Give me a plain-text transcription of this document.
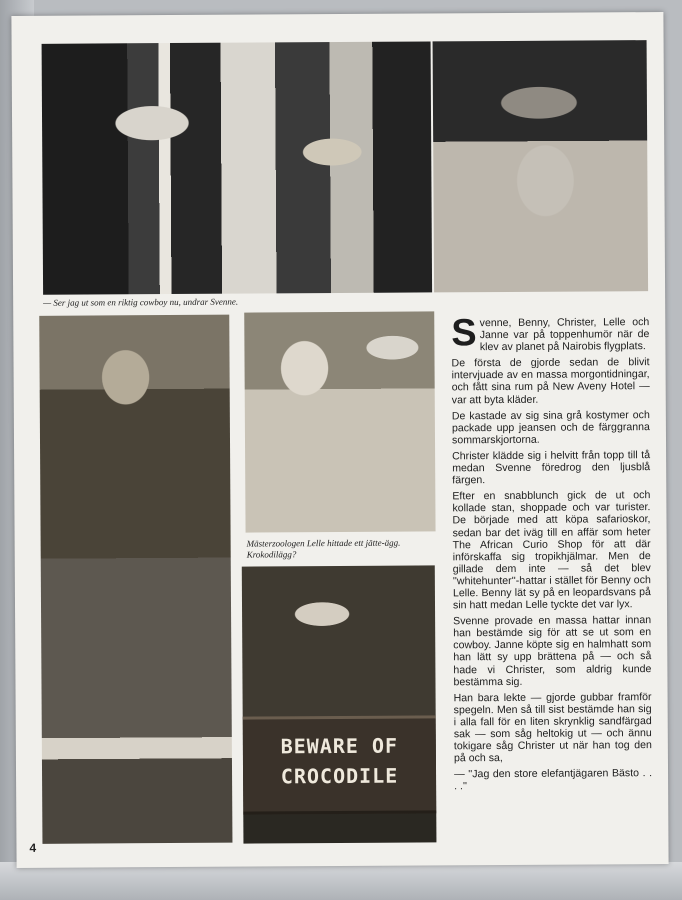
— Ser jag ut som en riktig cowboy nu, undrar Svenne.
Mästerzoologen Lelle hittade ett jätte-ägg. Krokodilägg?
BEWARE OF
CROCODILE

Svenne, Benny, Christer, Lelle och Janne var på toppenhumör när de klev av planet på Nairobis flygplats.

De första de gjorde sedan de blivit intervjuade av en massa morgontidningar, och fått sina rum på New Aveny Hotel — var att byta kläder.

De kastade av sig sina grå kostymer och packade upp jeansen och de färggranna sommarskjortorna.

Christer klädde sig i helvitt från topp till tå medan Svenne föredrog den ljusblå färgen.

Efter en snabblunch gick de ut och kollade stan, shoppade och var turister. De började med att köpa safarioskor, sedan bar det iväg till en affär som heter The African Curio Shop för att där införskaffa sig tropikhjälmar. Men de gillade dem inte — så det blev ''whitehunter''-hattar i stället för Benny och Lelle. Benny lät sy på en leopardsvans på sin hatt medan Lelle tyckte det var lyx.

Svenne provade en massa hattar innan han bestämde sig för att se ut som en cowboy. Janne köpte sig en halmhatt som han lätt sy upp brättena på — och så hade vi Christer, som aldrig kunde bestämma sig.

Han bara lekte — gjorde gubbar framför spegeln. Men så till sist bestämde han sig i alla fall för en liten skrynklig sandfärgad sak — som såg heltokig ut — och ännu tokigare såg Christer ut när han tog den på och sa,

— ''Jag den store elefantjägaren Bästo . . . .''

4
